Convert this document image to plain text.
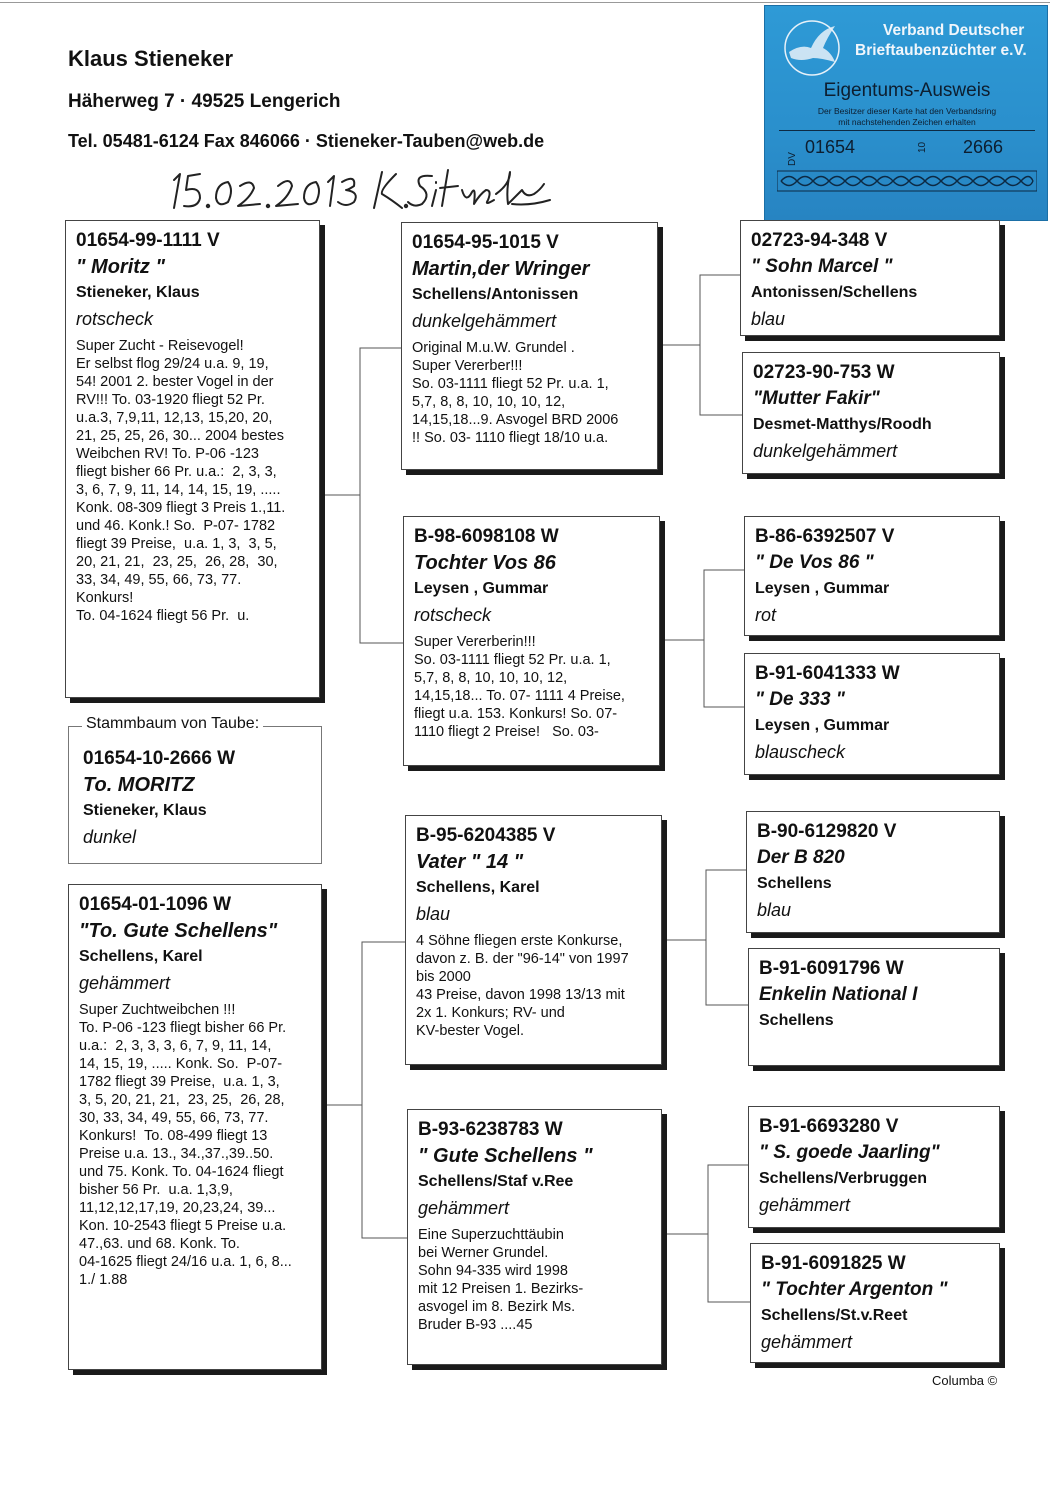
Klaus Stieneker
Häherweg 7 · 49525 Lengerich
Tel. 05481-6124 Fax 846066 · Stieneker-Tauben@web.de
Verband Deutscher
Brieftaubenzüchter e.V.
Eigentums-Ausweis
Der Besitzer dieser Karte hat den Verbandsring
mit nachstehenden Zeichen erhalten
DV
01654	10 2666
01654-99-1111 V
" Moritz "
Stieneker, Klaus
rotscheck
Super Zucht - Reisevogel!
Er selbst flog 29/24 u.a. 9, 19,
54! 2001 2. bester Vogel in der
RV!!! To. 03-1920 fliegt 52 Pr.
u.a.3, 7,9,11, 12,13, 15,20, 20,
21, 25, 25, 26, 30... 2004 bestes
Weibchen RV! To. P-06 -123
fliegt bisher 66 Pr. u.a.:  2, 3, 3,
3, 6, 7, 9, 11, 14, 14, 15, 19, .....
Konk. 08-309 fliegt 3 Preis 1.,11.
und 46. Konk.! So.  P-07- 1782
fliegt 39 Preise,  u.a. 1, 3,  3, 5,
20, 21, 21,  23, 25,  26, 28,  30,
33, 34, 49, 55, 66, 73, 77.
Konkurs!
To. 04-1624 fliegt 56 Pr.  u.
01654-10-2666 W
To. MORITZ
Stieneker, Klaus
dunkel
Stammbaum von Taube:
01654-01-1096 W
"To. Gute Schellens"
Schellens, Karel
gehämmert
Super Zuchtweibchen !!!
To. P-06 -123 fliegt bisher 66 Pr.
u.a.:  2, 3, 3, 3, 6, 7, 9, 11, 14,
14, 15, 19, ..... Konk. So.  P-07-
1782 fliegt 39 Preise,  u.a. 1, 3,
3, 5, 20, 21, 21,  23, 25,  26, 28,
30, 33, 34, 49, 55, 66, 73, 77.
Konkurs!  To. 08-499 fliegt 13
Preise u.a. 13., 34.,37.,39..50.
und 75. Konk. To. 04-1624 fliegt
bisher 56 Pr.  u.a. 1,3,9,
11,12,12,17,19, 20,23,24, 39...
Kon. 10-2543 fliegt 5 Preise u.a.
47.,63. und 68. Konk. To.
04-1625 fliegt 24/16 u.a. 1, 6, 8...
1./ 1.88
01654-95-1015 V
Martin,der Wringer
Schellens/Antonissen
dunkelgehämmert
Original M.u.W. Grundel .
Super Vererber!!!
So. 03-1111 fliegt 52 Pr. u.a. 1,
5,7, 8, 8, 10, 10, 10, 12,
14,15,18...9. Asvogel BRD 2006
!! So. 03- 1110 fliegt 18/10 u.a.
B-98-6098108 W
Tochter Vos 86
Leysen , Gummar
rotscheck
Super Vererberin!!!
So. 03-1111 fliegt 52 Pr. u.a. 1,
5,7, 8, 8, 10, 10, 10, 12,
14,15,18... To. 07- 1111 4 Preise,
fliegt u.a. 153. Konkurs! So. 07-
1110 fliegt 2 Preise!   So. 03-
B-95-6204385 V
Vater " 14 "
Schellens, Karel
blau
4 Söhne fliegen erste Konkurse,
davon z. B. der "96-14" von 1997
bis 2000
43 Preise, davon 1998 13/13 mit
2x 1. Konkurs; RV- und
KV-bester Vogel.
B-93-6238783 W
" Gute Schellens "
Schellens/Staf v.Ree
gehämmert
Eine Superzuchttäubin
bei Werner Grundel.
Sohn 94-335 wird 1998
mit 12 Preisen 1. Bezirks-
asvogel im 8. Bezirk Ms.
Bruder B-93 ....45
02723-94-348 V
" Sohn Marcel "
Antonissen/Schellens
blau
02723-90-753 W
"Mutter Fakir"
Desmet-Matthys/Roodh
dunkelgehämmert
B-86-6392507 V
" De Vos 86 "
Leysen , Gummar
rot
B-91-6041333 W
" De 333 "
Leysen , Gummar
blauscheck
B-90-6129820 V
Der B 820
Schellens
blau
B-91-6091796 W
Enkelin National I
Schellens
B-91-6693280 V
" S. goede Jaarling"
Schellens/Verbruggen
gehämmert
B-91-6091825 W
" Tochter Argenton "
Schellens/St.v.Reet
gehämmert
Columba ©
